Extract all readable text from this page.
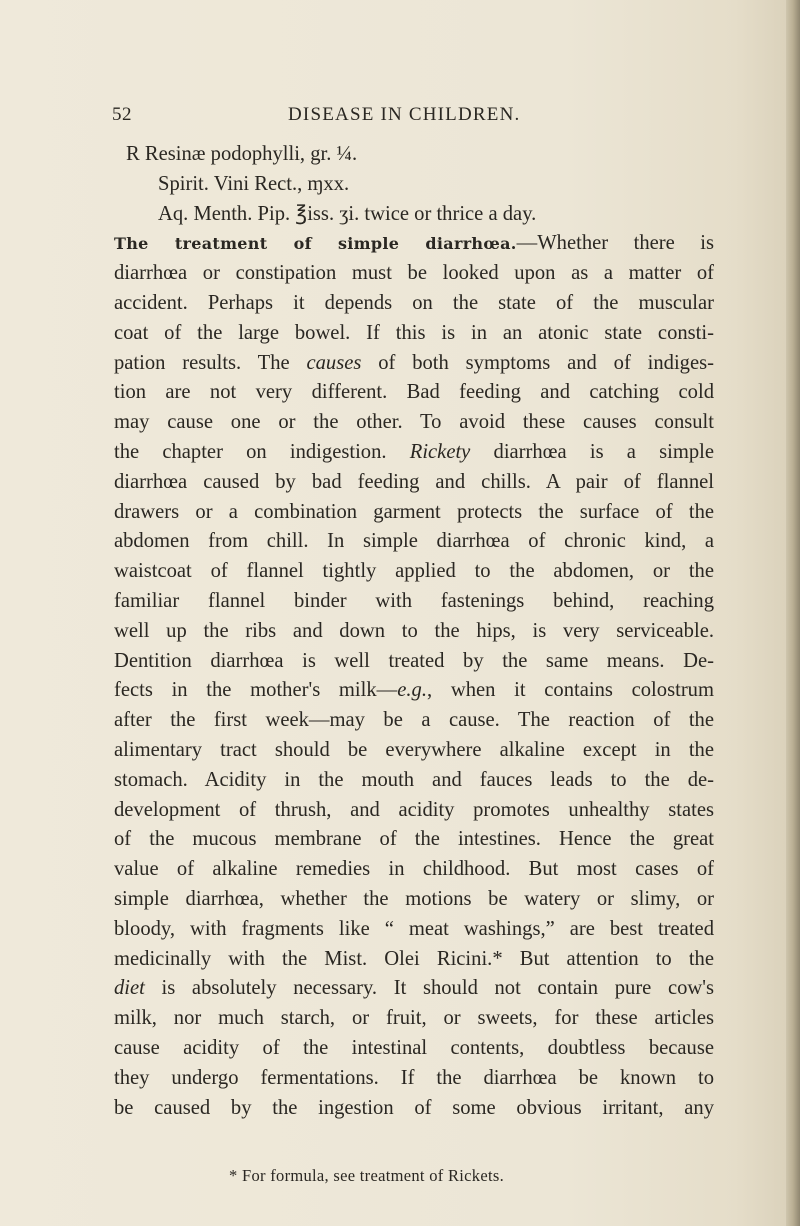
52	DISEASE IN CHILDREN.
R Resinæ podophylli, gr. ¼.
Spirit. Vini Rect., ɱxx.
Aq. Menth. Pip. ℥iss. ʒi. twice or thrice a day.
The treatment of simple diarrhœa.—Whether there is
diarrhœa or constipation must be looked upon as a matter of
accident. Perhaps it depends on the state of the muscular
coat of the large bowel. If this is in an atonic state consti-
pation results. The causes of both symptoms and of indiges-
tion are not very different. Bad feeding and catching cold
may cause one or the other. To avoid these causes consult
the chapter on indigestion. Rickety diarrhœa is a simple
diarrhœa caused by bad feeding and chills. A pair of flannel
drawers or a combination garment protects the surface of the
abdomen from chill. In simple diarrhœa of chronic kind, a
waistcoat of flannel tightly applied to the abdomen, or the
familiar flannel binder with fastenings behind, reaching
well up the ribs and down to the hips, is very serviceable.
Dentition diarrhœa is well treated by the same means. De-
fects in the mother's milk—e.g., when it contains colostrum
after the first week—may be a cause. The reaction of the
alimentary tract should be everywhere alkaline except in the
stomach. Acidity in the mouth and fauces leads to the de-
development of thrush, and acidity promotes unhealthy states
of the mucous membrane of the intestines. Hence the great
value of alkaline remedies in childhood. But most cases of
simple diarrhœa, whether the motions be watery or slimy, or
bloody, with fragments like “ meat washings,” are best treated
medicinally with the Mist. Olei Ricini.* But attention to the
diet is absolutely necessary. It should not contain pure cow's
milk, nor much starch, or fruit, or sweets, for these articles
cause acidity of the intestinal contents, doubtless because
they undergo fermentations. If the diarrhœa be known to
be caused by the ingestion of some obvious irritant, any
* For formula, see treatment of Rickets.
